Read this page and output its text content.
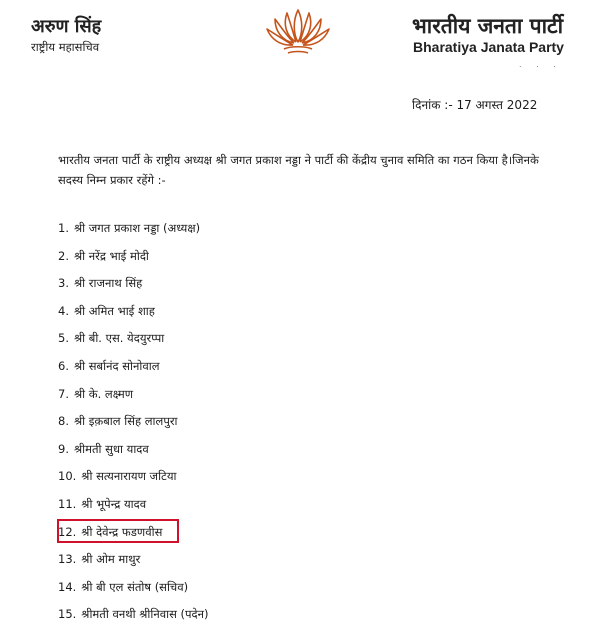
अरुण सिंह
राष्ट्रीय महासचिव
भारतीय जनता पार्टी
Bharatiya Janata Party
. . .
दिनांक :- 17 अगस्त 2022
भारतीय जनता पार्टी के राष्ट्रीय अध्यक्ष श्री जगत प्रकाश नड्डा ने पार्टी की केंद्रीय चुनाव समिति का गठन किया है।जिनके सदस्य निम्न प्रकार रहेंगे :-
1. श्री जगत प्रकाश नड्डा (अध्यक्ष)
2. श्री नरेंद्र भाई मोदी
3. श्री राजनाथ सिंह
4. श्री अमित भाई शाह
5. श्री बी. एस. येदयुरप्पा
6. श्री सर्बानंद सोनोवाल
7. श्री के. लक्ष्मण
8. श्री इक़बाल सिंह लालपुरा
9. श्रीमती सुधा यादव
10. श्री सत्यनारायण जटिया
11. श्री भूपेन्द्र यादव
12. श्री देवेन्द्र फडणवीस
13. श्री ओम माथुर
14. श्री बी एल संतोष (सचिव)
15. श्रीमती वनथी श्रीनिवास (पदेन)
